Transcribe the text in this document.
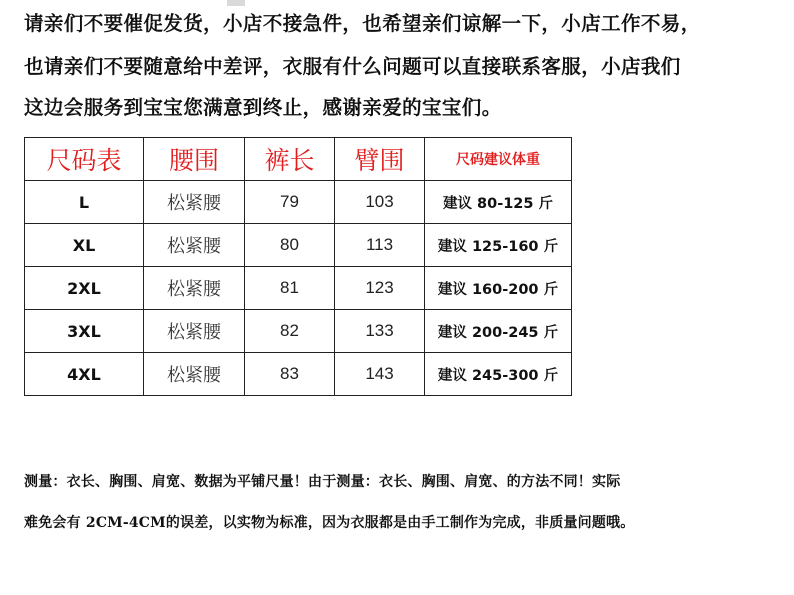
请亲们不要催促发货，小店不接急件，也希望亲们谅解一下，小店工作不易，
也请亲们不要随意给中差评，衣服有什么问题可以直接联系客服，小店我们
这边会服务到宝宝您满意到终止，感谢亲爱的宝宝们。
尺码表	腰围	裤长	臂围	尺码建议体重
L	松紧腰	79	103	建议 80-125 斤
XL	松紧腰	80	113	建议 125-160 斤
2XL	松紧腰	81	123	建议 160-200 斤
3XL	松紧腰	82	133	建议 200-245 斤
4XL	松紧腰	83	143	建议 245-300 斤
测量：衣长、胸围、肩宽、数据为平铺尺量！由于测量：衣长、胸围、肩宽、的方法不同！实际
难免会有 2CM-4CM的误差，以实物为标准，因为衣服都是由手工制作为完成，非质量问题哦。
